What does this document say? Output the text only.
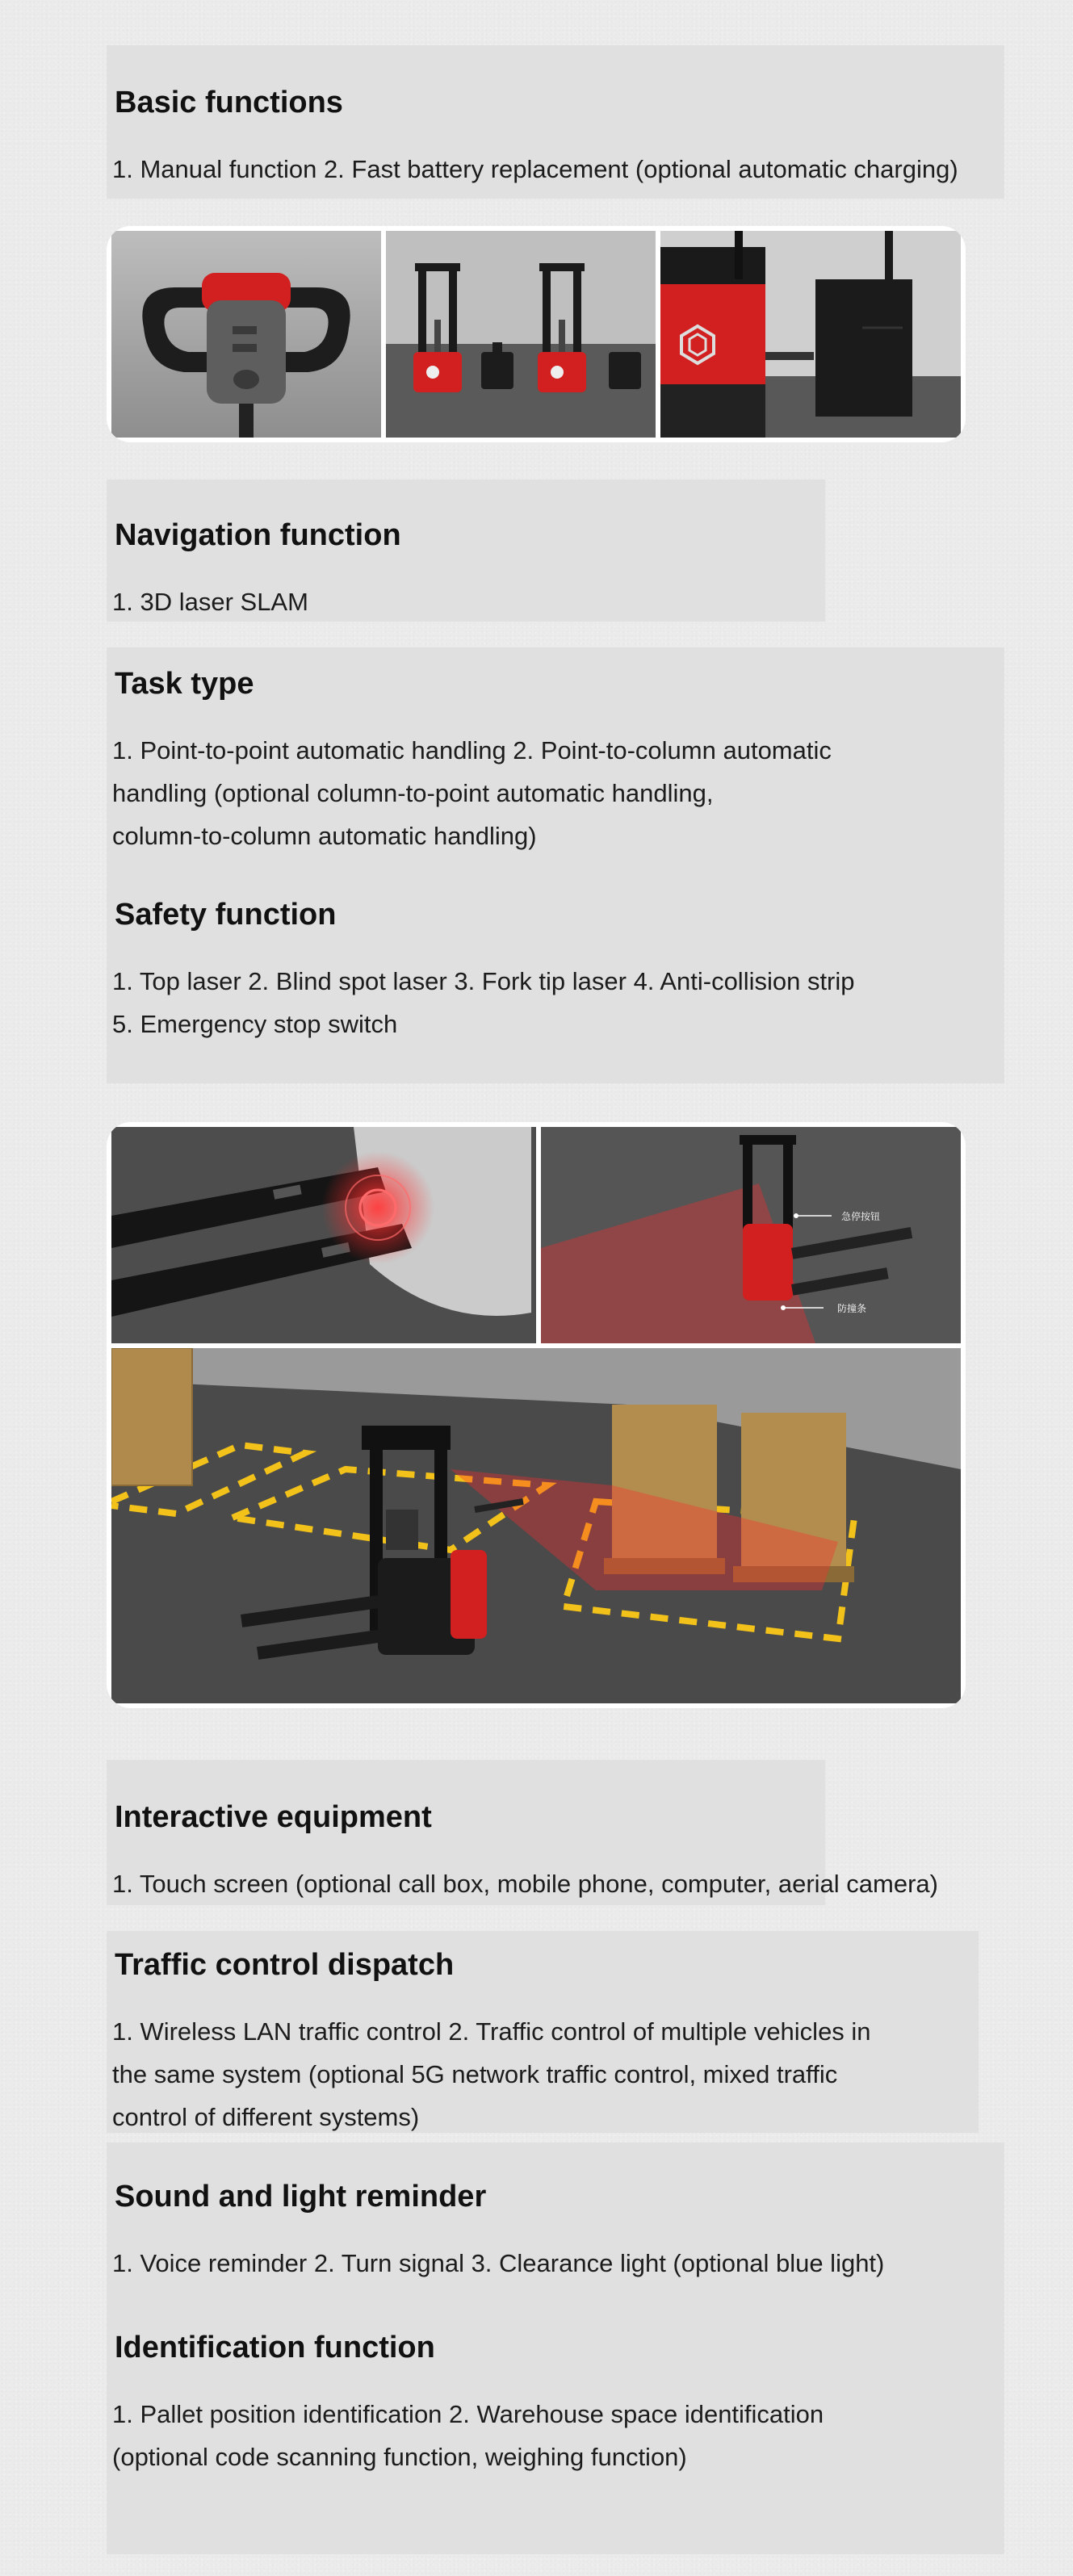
Basic functions
1. Manual function 2. Fast battery replacement (optional automatic charging)
Navigation function
1. 3D laser SLAM
Task type
1. Point-to-point automatic handling 2. Point-to-column automatic
handling (optional column-to-point automatic handling,
column-to-column automatic handling)
Safety function
1. Top laser 2. Blind spot laser 3. Fork tip laser 4. Anti-collision strip
5. Emergency stop switch
急停按钮
防撞条
Interactive equipment
1. Touch screen (optional call box, mobile phone, computer, aerial camera)
Traffic control dispatch
1. Wireless LAN traffic control 2. Traffic control of multiple vehicles in
the same system (optional 5G network traffic control, mixed traffic
control of different systems)
Sound and light reminder
1. Voice reminder 2. Turn signal 3. Clearance light (optional blue light)
Identification function
1. Pallet position identification 2. Warehouse space identification
(optional code scanning function, weighing function)
